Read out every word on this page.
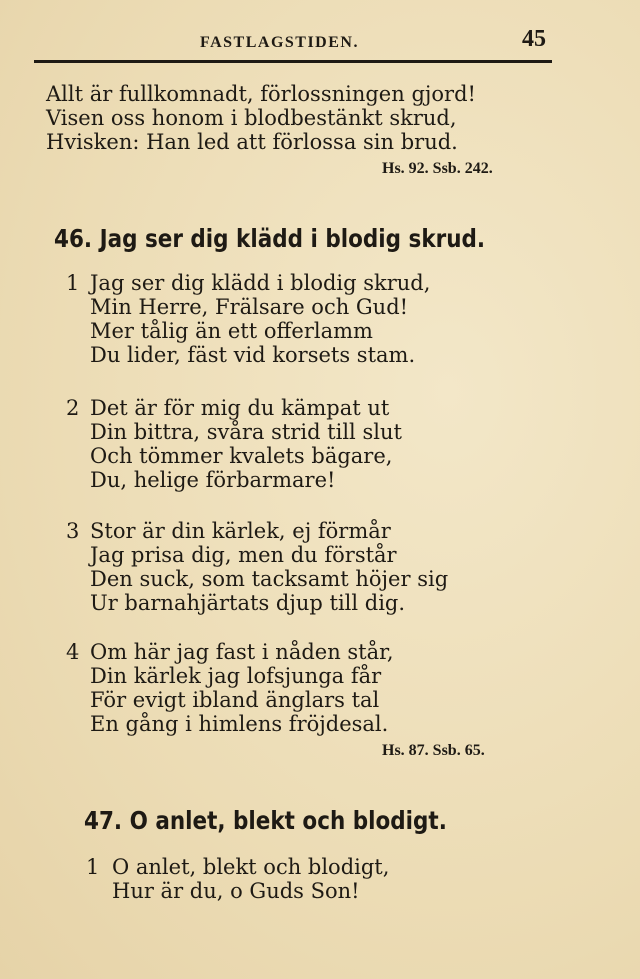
FASTLAGSTIDEN.	45
Allt är fullkomnadt, förlossningen gjord!
Visen oss honom i blodbestänkt skrud,
Hvisken: Han led att förlossa sin brud.
Hs. 92. Ssb. 242.
46. Jag ser dig klädd i blodig skrud.
1 Jag ser dig klädd i blodig skrud,
Min Herre, Frälsare och Gud!
Mer tålig än ett offerlamm
Du lider, fäst vid korsets stam.
2 Det är för mig du kämpat ut
Din bittra, svåra strid till slut
Och tömmer kvalets bägare,
Du, helige förbarmare!
3 Stor är din kärlek, ej förmår
Jag prisa dig, men du förstår
Den suck, som tacksamt höjer sig
Ur barnahjärtats djup till dig.
4 Om här jag fast i nåden står,
Din kärlek jag lofsjunga får
För evigt ibland änglars tal
En gång i himlens fröjdesal.
Hs. 87. Ssb. 65.
47. O anlet, blekt och blodigt.
1 O anlet, blekt och blodigt,
Hur är du, o Guds Son!
